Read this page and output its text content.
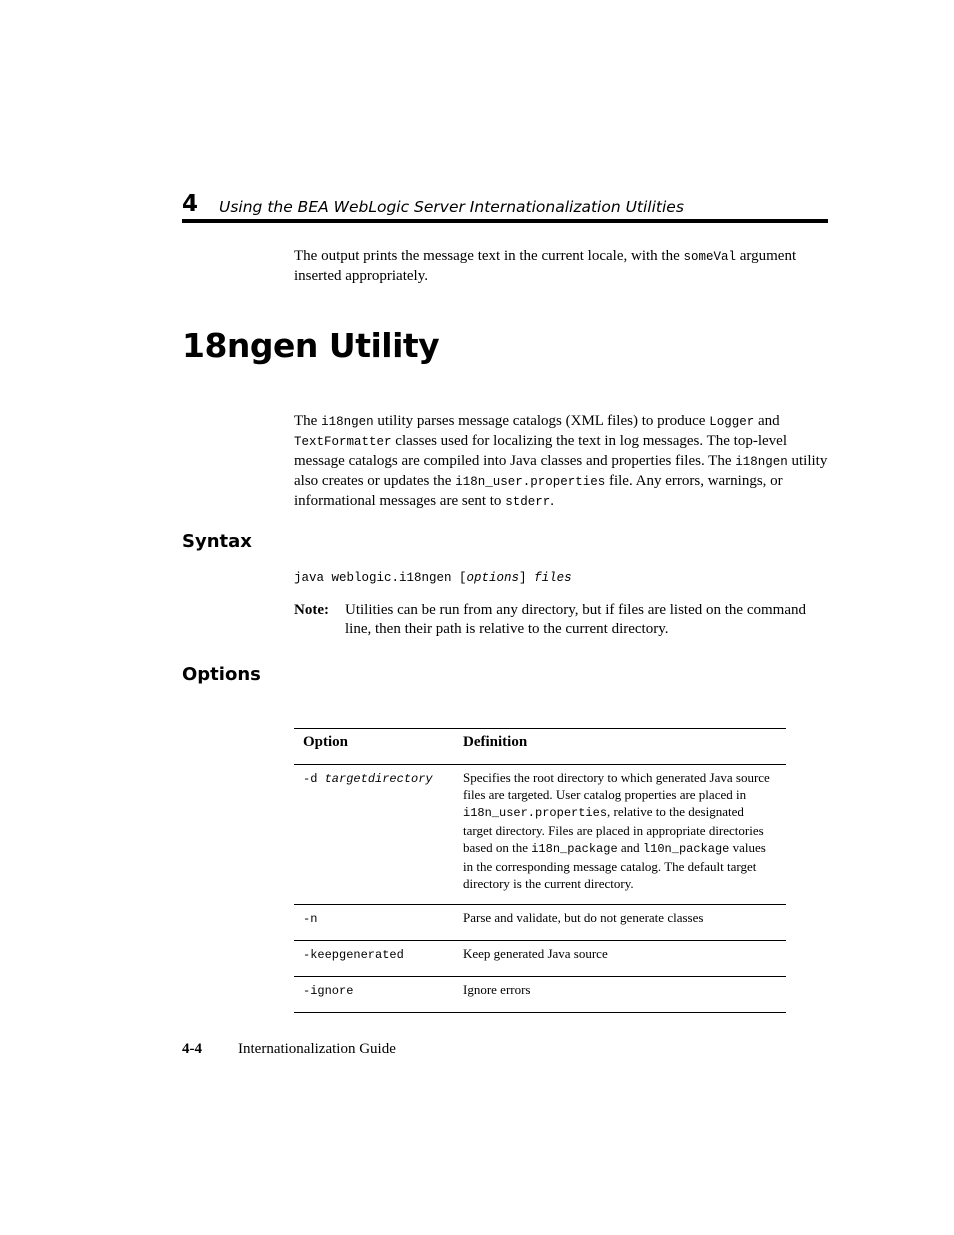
4 Using the BEA WebLogic Server Internationalization Utilities

The output prints the message text in the current locale, with the someVal argument inserted appropriately.

18ngen Utility

The i18ngen utility parses message catalogs (XML files) to produce Logger and TextFormatter classes used for localizing the text in log messages. The top-level message catalogs are compiled into Java classes and properties files. The i18ngen utility also creates or updates the i18n_user.properties file. Any errors, warnings, or informational messages are sent to stderr.

Syntax
java weblogic.i18ngen [options] files
Note: Utilities can be run from any directory, but if files are listed on the command line, then their path is relative to the current directory.

Options
Option	Definition
-d targetdirectory	Specifies the root directory to which generated Java source files are targeted. User catalog properties are placed in i18n_user.properties, relative to the designated target directory. Files are placed in appropriate directories based on the i18n_package and l10n_package values in the corresponding message catalog. The default target directory is the current directory.
-n	Parse and validate, but do not generate classes
-keepgenerated	Keep generated Java source
-ignore	Ignore errors
4-4 Internationalization Guide
